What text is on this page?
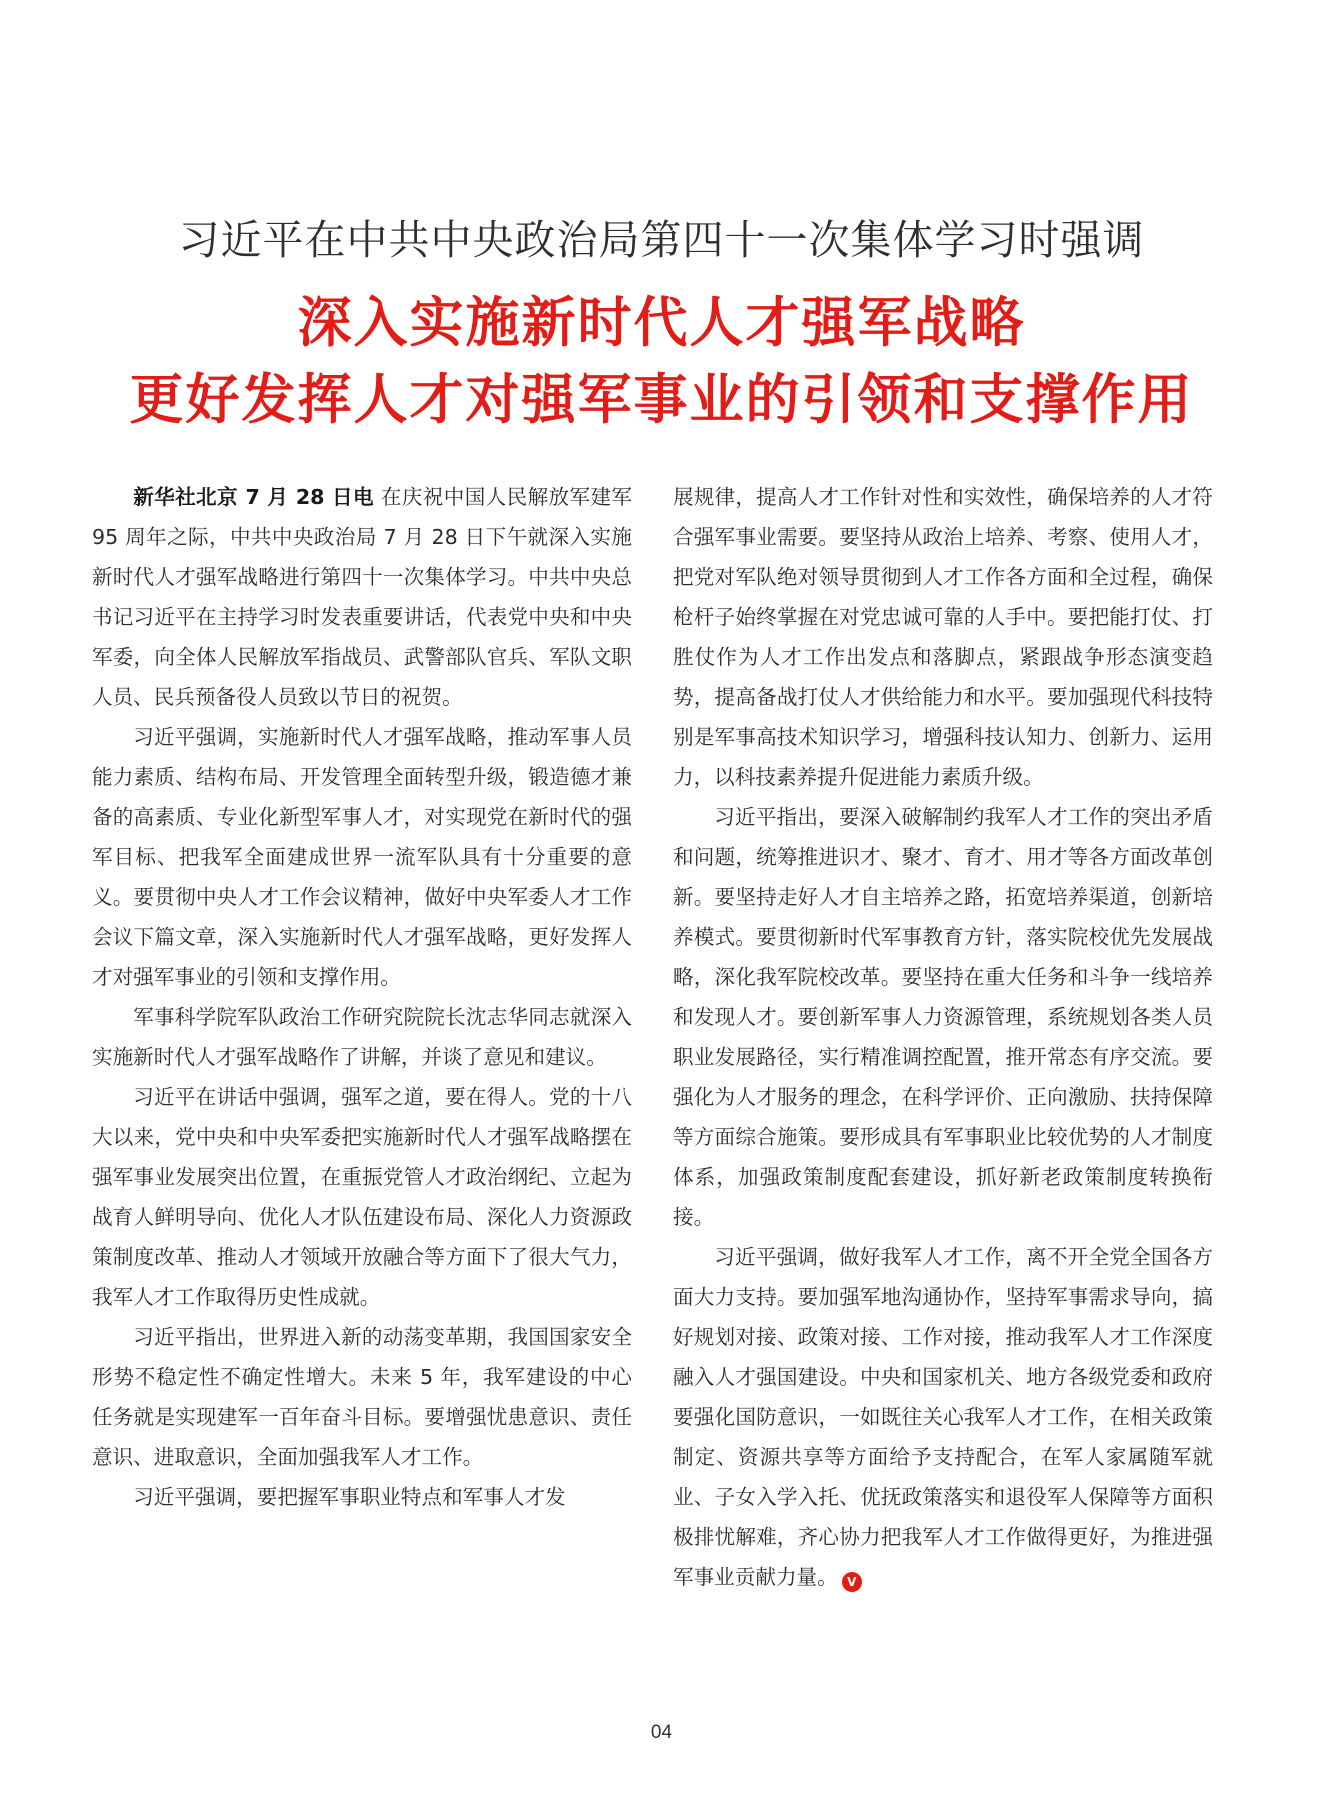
习近平在中共中央政治局第四十一次集体学习时强调
深入实施新时代人才强军战略
更好发挥人才对强军事业的引领和支撑作用

新华社北京 7 月 28 日电 在庆祝中国人民解放军建军 95 周年之际，中共中央政治局 7 月 28 日下午就深入实施新时代人才强军战略进行第四十一次集体学习。中共中央总书记习近平在主持学习时发表重要讲话，代表党中央和中央军委，向全体人民解放军指战员、武警部队官兵、军队文职人员、民兵预备役人员致以节日的祝贺。

习近平强调，实施新时代人才强军战略，推动军事人员能力素质、结构布局、开发管理全面转型升级，锻造德才兼备的高素质、专业化新型军事人才，对实现党在新时代的强军目标、把我军全面建成世界一流军队具有十分重要的意义。要贯彻中央人才工作会议精神，做好中央军委人才工作会议下篇文章，深入实施新时代人才强军战略，更好发挥人才对强军事业的引领和支撑作用。

军事科学院军队政治工作研究院院长沈志华同志就深入实施新时代人才强军战略作了讲解，并谈了意见和建议。

习近平在讲话中强调，强军之道，要在得人。党的十八大以来，党中央和中央军委把实施新时代人才强军战略摆在强军事业发展突出位置，在重振党管人才政治纲纪、立起为战育人鲜明导向、优化人才队伍建设布局、深化人力资源政策制度改革、推动人才领域开放融合等方面下了很大气力，我军人才工作取得历史性成就。

习近平指出，世界进入新的动荡变革期，我国国家安全形势不稳定性不确定性增大。未来 5 年，我军建设的中心任务就是实现建军一百年奋斗目标。要增强忧患意识、责任意识、进取意识，全面加强我军人才工作。

习近平强调，要把握军事职业特点和军事人才发

展规律，提高人才工作针对性和实效性，确保培养的人才符合强军事业需要。要坚持从政治上培养、考察、使用人才，把党对军队绝对领导贯彻到人才工作各方面和全过程，确保枪杆子始终掌握在对党忠诚可靠的人手中。要把能打仗、打胜仗作为人才工作出发点和落脚点，紧跟战争形态演变趋势，提高备战打仗人才供给能力和水平。要加强现代科技特别是军事高技术知识学习，增强科技认知力、创新力、运用力，以科技素养提升促进能力素质升级。

习近平指出，要深入破解制约我军人才工作的突出矛盾和问题，统筹推进识才、聚才、育才、用才等各方面改革创新。要坚持走好人才自主培养之路，拓宽培养渠道，创新培养模式。要贯彻新时代军事教育方针，落实院校优先发展战略，深化我军院校改革。要坚持在重大任务和斗争一线培养和发现人才。要创新军事人力资源管理，系统规划各类人员职业发展路径，实行精准调控配置，推开常态有序交流。要强化为人才服务的理念，在科学评价、正向激励、扶持保障等方面综合施策。要形成具有军事职业比较优势的人才制度体系，加强政策制度配套建设，抓好新老政策制度转换衔接。

习近平强调，做好我军人才工作，离不开全党全国各方面大力支持。要加强军地沟通协作，坚持军事需求导向，搞好规划对接、政策对接、工作对接，推动我军人才工作深度融入人才强国建设。中央和国家机关、地方各级党委和政府要强化国防意识，一如既往关心我军人才工作，在相关政策制定、资源共享等方面给予支持配合，在军人家属随军就业、子女入学入托、优抚政策落实和退役军人保障等方面积极排忧解难，齐心协力把我军人才工作做得更好，为推进强军事业贡献力量。 V

04
